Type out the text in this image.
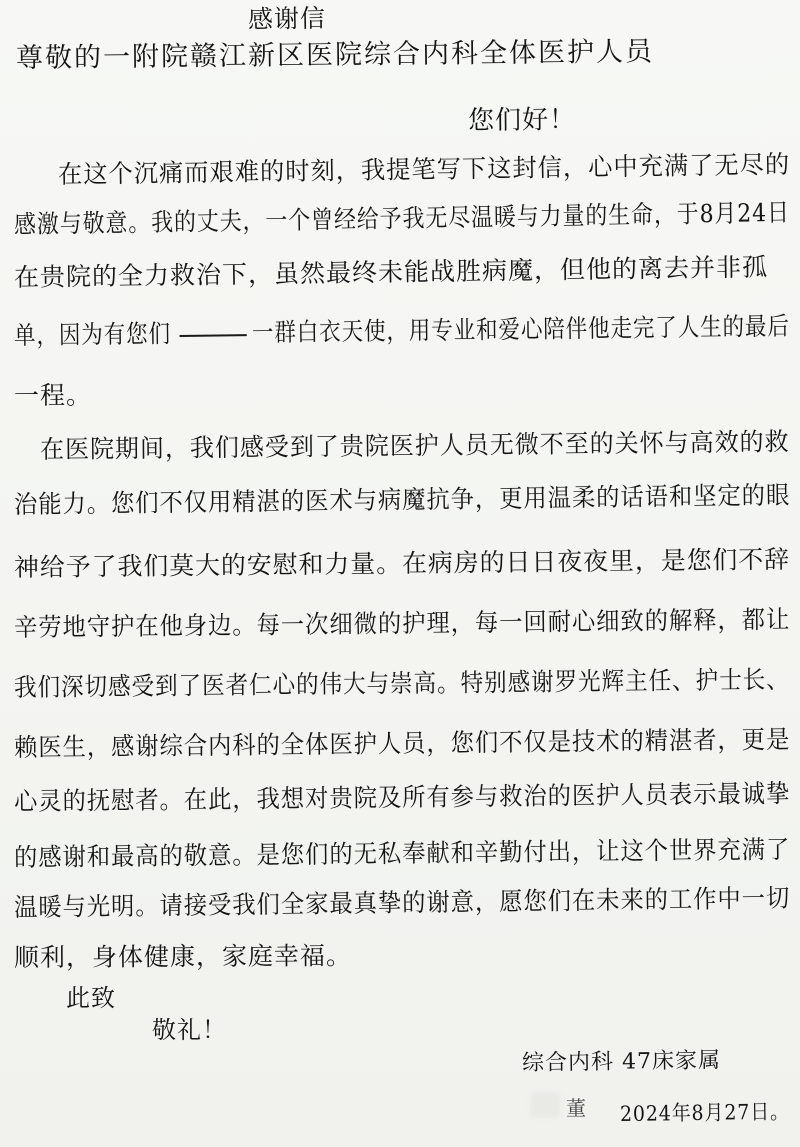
感谢信
尊敬的一附院赣江新区医院综合内科全体医护人员
您们好！
在这个沉痛而艰难的时刻，我提笔写下这封信，心中充满了无尽的
感激与敬意。我的丈夫，一个曾经给予我无尽温暖与力量的生命，于8月24日
在贵院的全力救治下，虽然最终未能战胜病魔，但他的离去并非孤
单，因为有您们	一群白衣天使，用专业和爱心陪伴他走完了人生的最后
一程。
在医院期间，我们感受到了贵院医护人员无微不至的关怀与高效的救
治能力。您们不仅用精湛的医术与病魔抗争，更用温柔的话语和坚定的眼
神给予了我们莫大的安慰和力量。在病房的日日夜夜里，是您们不辞
辛劳地守护在他身边。每一次细微的护理，每一回耐心细致的解释，都让
我们深切感受到了医者仁心的伟大与崇高。特别感谢罗光辉主任、护士长、
赖医生，感谢综合内科的全体医护人员，您们不仅是技术的精湛者，更是
心灵的抚慰者。在此，我想对贵院及所有参与救治的医护人员表示最诚挚
的感谢和最高的敬意。是您们的无私奉献和辛勤付出，让这个世界充满了
温暖与光明。请接受我们全家最真挚的谢意，愿您们在未来的工作中一切
顺利，身体健康，家庭幸福。
此致
敬礼！
综合内科 47床家属
董 2024年8月27日。
